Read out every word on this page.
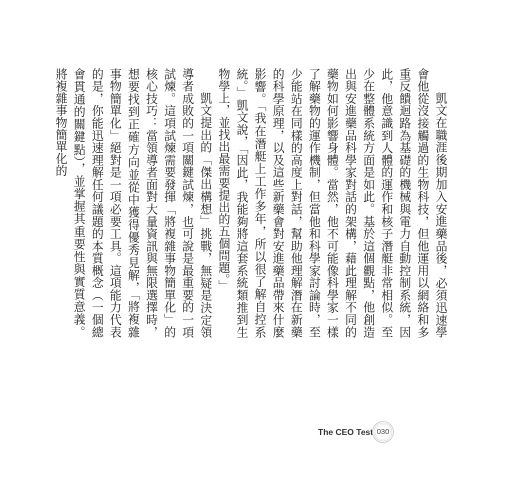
凱文在職涯後期加入安進藥品後，必須迅速學會他從沒接觸過的生物科技，但他運用以網絡和多重反饋迴路為基礎的機械與電力自動控制系統，因此，他意識到人體的運作和核子潛艇非常相似。至少在整體系統方面是如此。基於這個觀點，他創造出與安進藥品科學家對話的架構，藉此理解不同的藥物如何影響身體。當然，他不可能像科學家一樣了解藥物的運作機制，但當他和科學家討論時，至少能站在同樣的高度上對話，幫助他理解潛在新藥的科學原理，以及這些新藥會對安進藥品帶來什麼影響。「我在潛艇上工作多年，所以很了解自控系統。」凱文說，「因此，我能夠將這套系統類推到生物學上，並找出最需要提出的五個問題。」

凱文提出的「傑出構想」挑戰，無疑是決定領導者成敗的一項關鍵試煉，也可說是最重要的一項試煉。這項試煉需要發揮「將複雜事物簡單化」的核心技巧：當領導者面對大量資訊與無限選擇時，想要找到正確方向並從中獲得優秀見解，「將複雜事物簡單化」絕對是一項必要工具。這項能力代表的是，你能迅速理解任何議題的本質概念（一個總會貫通的關鍵點），並掌握其重要性與實質意義。將複雜事物簡單化的

The CEO Test 030
